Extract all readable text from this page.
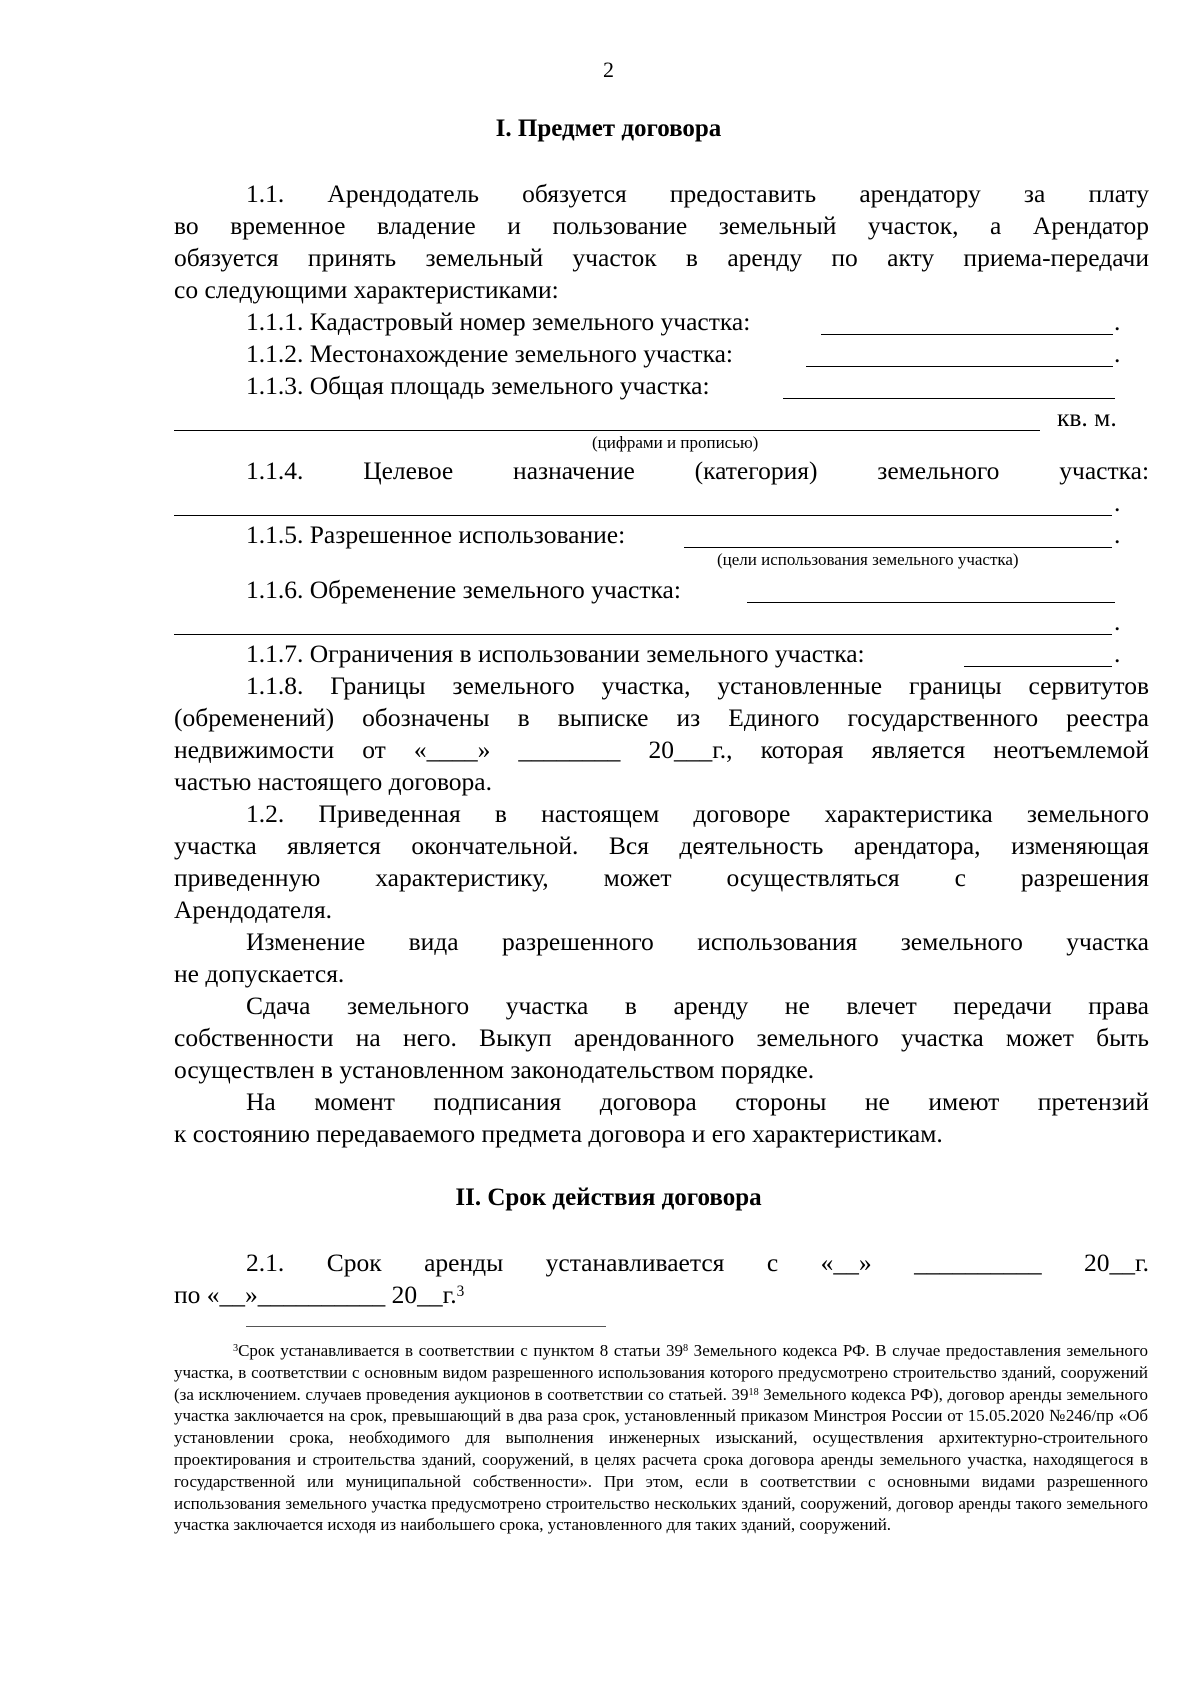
2
I. Предмет договора
1.1. Арендодатель обязуется предоставить арендатору за плату
во временное владение и пользование земельный участок, а Арендатор
обязуется принять земельный участок в аренду по акту приема-передачи
со следующими характеристиками:
1.1.1. Кадастровый номер земельного участка:	.
1.1.2. Местонахождение земельного участка:	.
1.1.3. Общая площадь земельного участка:
кв. м.
(цифрами и прописью)
1.1.4. Целевое назначение (категория) земельного участка:
.
1.1.5. Разрешенное использование:	.
(цели использования земельного участка)
1.1.6. Обременение земельного участка:
.
1.1.7. Ограничения в использовании земельного участка:	.
1.1.8. Границы земельного участка, установленные границы сервитутов
(обременений) обозначены в выписке из Единого государственного реестра
недвижимости от «____» ________ 20___г., которая является неотъемлемой
частью настоящего договора.
1.2. Приведенная в настоящем договоре характеристика земельного
участка является окончательной. Вся деятельность арендатора, изменяющая
приведенную характеристику, может осуществляться с разрешения
Арендодателя.
Изменение вида разрешенного использования земельного участка
не допускается.
Сдача земельного участка в аренду не влечет передачи права
собственности на него. Выкуп арендованного земельного участка может быть
осуществлен в установленном законодательством порядке.
На момент подписания договора стороны не имеют претензий
к состоянию передаваемого предмета договора и его характеристикам.
II. Срок действия договора
2.1. Срок аренды устанавливается с «__» __________ 20__г.
по «__»__________ 20__г.$^3$
$^3$Срок устанавливается в соответствии с пунктом 8 статьи $39^8$ Земельного кодекса РФ. В случае предоставления земельного участка, в соответствии с основным видом разрешенного использования которого предусмотрено строительство зданий, сооружений (за исключением. случаев проведения аукционов в соответствии со статьей. $39^{18}$ Земельного кодекса РФ), договор аренды земельного участка заключается на срок, превышающий в два раза срок, установленный приказом Минстроя России от 15.05.2020 №246/пр «Об установлении срока, необходимого для выполнения инженерных изысканий, осуществления архитектурно-строительного проектирования и строительства зданий, сооружений, в целях расчета срока договора аренды земельного участка, находящегося в государственной или муниципальной собственности». При этом, если в соответствии с основными видами разрешенного использования земельного участка предусмотрено строительство нескольких зданий, сооружений, договор аренды такого земельного участка заключается исходя из наибольшего срока, установленного для таких зданий, сооружений.
